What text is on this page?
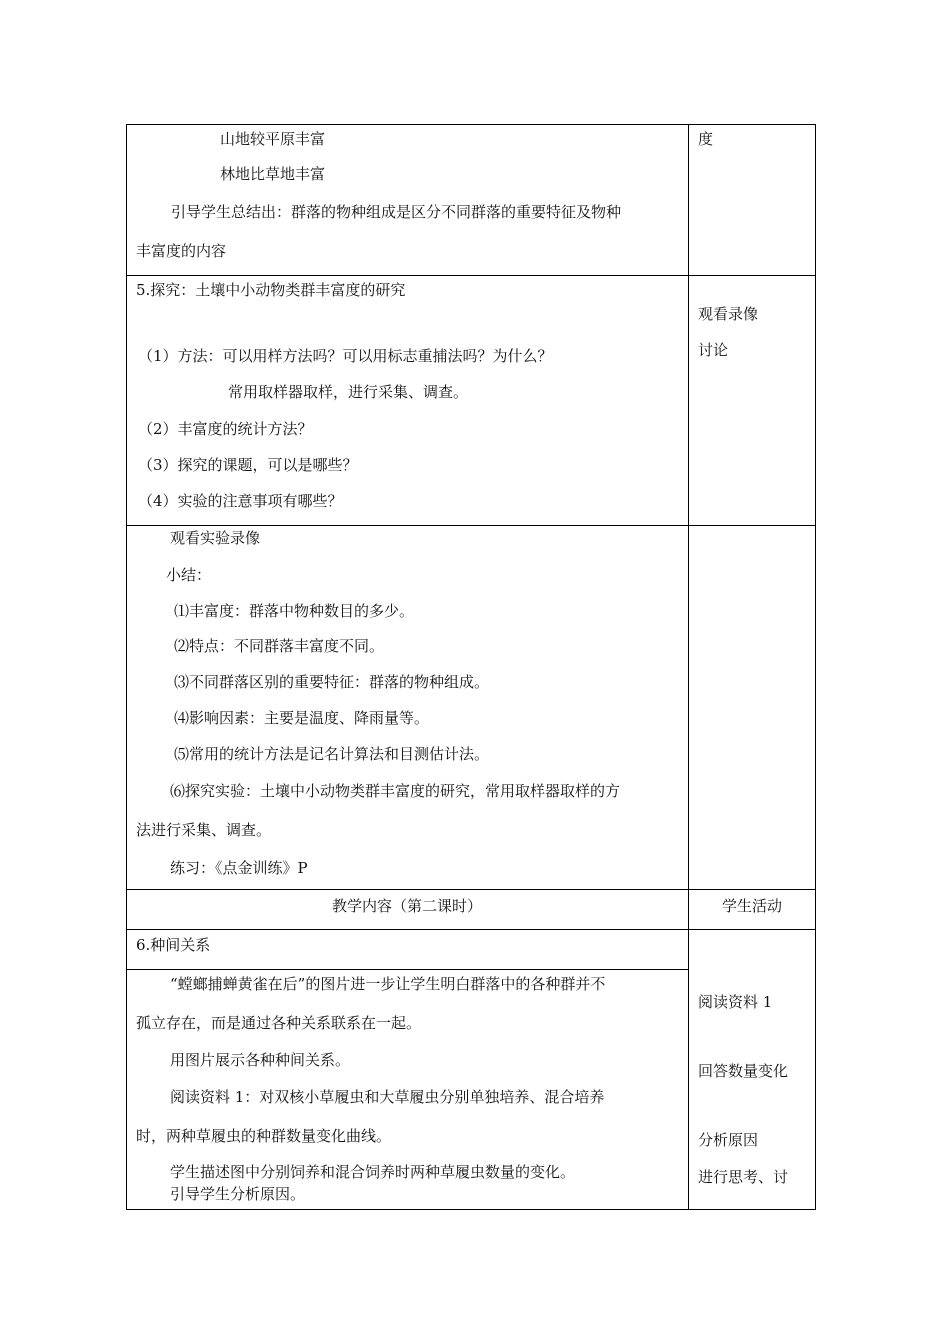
山地较平原丰富
林地比草地丰富
引导学生总结出：群落的物种组成是区分不同群落的重要特征及物种
丰富度的内容
度
5.探究：土壤中小动物类群丰富度的研究
（1）方法：可以用样方法吗？可以用标志重捕法吗？为什么？
常用取样器取样，进行采集、调查。
（2）丰富度的统计方法？
（3）探究的课题，可以是哪些？
（4）实验的注意事项有哪些？
观看录像
讨论
观看实验录像
小结：
⑴丰富度：群落中物种数目的多少。
⑵特点：不同群落丰富度不同。
⑶不同群落区别的重要特征：群落的物种组成。
⑷影响因素：主要是温度、降雨量等。
⑸常用的统计方法是记名计算法和目测估计法。
⑹探究实验：土壤中小动物类群丰富度的研究，常用取样器取样的方
法进行采集、调查。
练习：《点金训练》P
教学内容（第二课时）	学生活动
6.种间关系
“螳螂捕蝉黄雀在后”的图片进一步让学生明白群落中的各种群并不
孤立存在，而是通过各种关系联系在一起。
用图片展示各种种间关系。
阅读资料 1：对双核小草履虫和大草履虫分别单独培养、混合培养
时，两种草履虫的种群数量变化曲线。
学生描述图中分别饲养和混合饲养时两种草履虫数量的变化。
引导学生分析原因。
阅读资料 1
回答数量变化
分析原因
进行思考、讨
